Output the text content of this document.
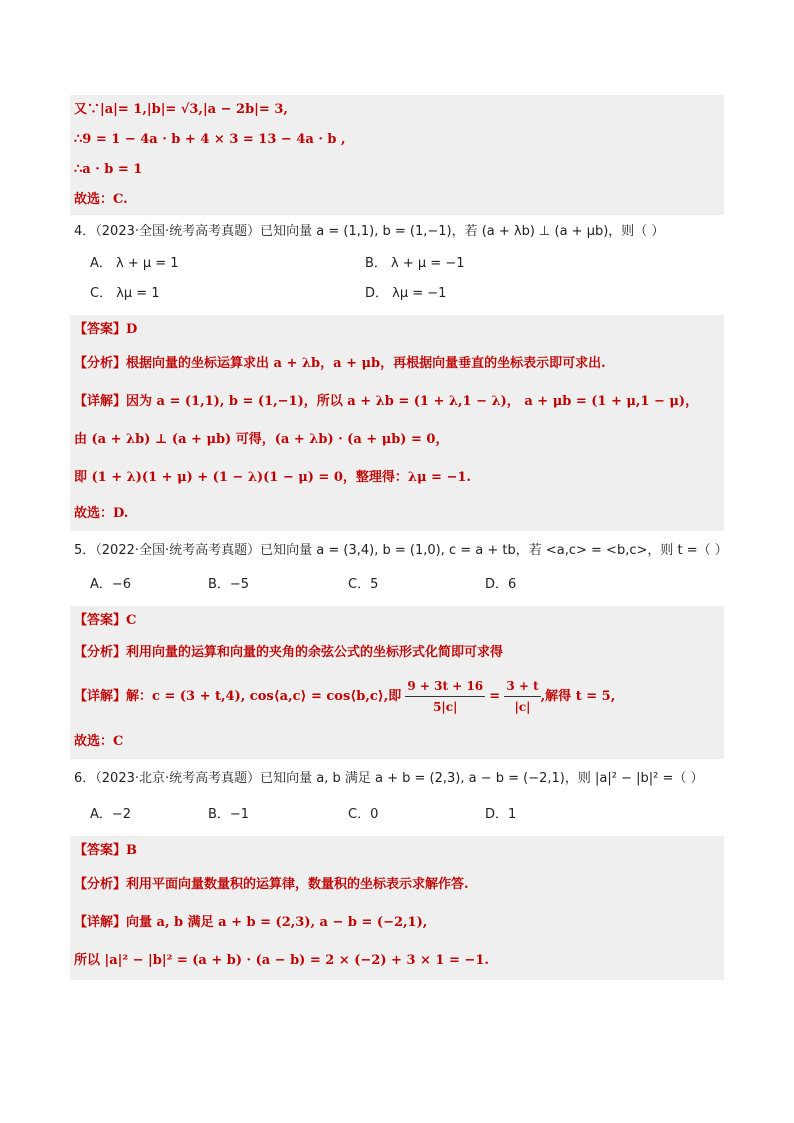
又∵|a|= 1,|b|= √3,|a − 2b|= 3,
∴9 = 1 − 4a · b + 4 × 3 = 13 − 4a · b ,
∴a · b = 1
故选：C.
4．（2023·全国·统考高考真题）已知向量 a = (1,1), b = (1,−1)，若 (a + λb) ⊥ (a + μb)，则（ ）
A． λ + μ = 1	B． λ + μ = −1
C． λμ = 1	D． λμ = −1
【答案】D
【分析】根据向量的坐标运算求出 a + λb，a + μb，再根据向量垂直的坐标表示即可求出.
【详解】因为 a = (1,1), b = (1,−1)，所以 a + λb = (1 + λ,1 − λ)， a + μb = (1 + μ,1 − μ)，
由 (a + λb) ⊥ (a + μb) 可得，(a + λb) · (a + μb) = 0，
即 (1 + λ)(1 + μ) + (1 − λ)(1 − μ) = 0，整理得：λμ = −1.
故选：D.
5．（2022·全国·统考高考真题）已知向量 a = (3,4), b = (1,0), c = a + tb，若 <a,c> = <b,c>，则 t =（ ）
A．−6	B．−5	C．5	D．6
【答案】C
【分析】利用向量的运算和向量的夹角的余弦公式的坐标形式化简即可求得
【详解】解：c = (3 + t,4), cos⟨a,c⟩ = cos⟨b,c⟩,即 $\frac{9 + 3t + 16}{5|c|} = \frac{3 + t}{|c|}$ ,解得 t = 5,
故选：C
6．（2023·北京·统考高考真题）已知向量 a, b 满足 a + b = (2,3), a − b = (−2,1)，则 |a|² − |b|² =（ ）
A．−2	B．−1	C．0	D．1
【答案】B
【分析】利用平面向量数量积的运算律，数量积的坐标表示求解作答.
【详解】向量 a, b 满足 a + b = (2,3), a − b = (−2,1),
所以 |a|² − |b|² = (a + b) · (a − b) = 2 × (−2) + 3 × 1 = −1.
